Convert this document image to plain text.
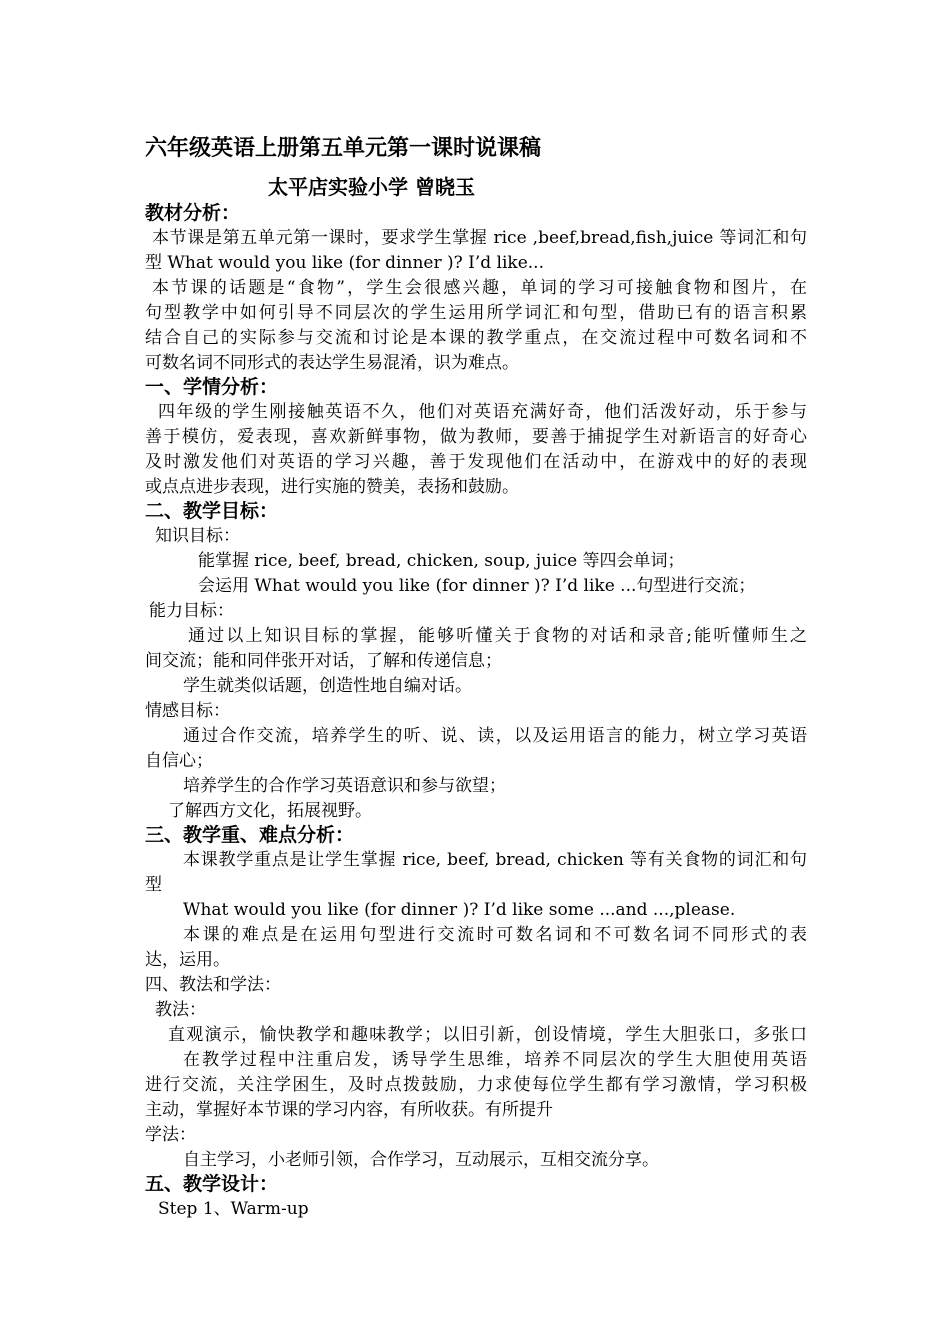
六年级英语上册第五单元第一课时说课稿
太平店实验小学 曾晓玉
教材分析：
本节课是第五单元第一课时，要求学生掌握 rice ,beef,bread,fish,juice 等词汇和句
型 What would you like (for dinner )? I’d like...
本节课的话题是“食物”，学生会很感兴趣，单词的学习可接触食物和图片，在
句型教学中如何引导不同层次的学生运用所学词汇和句型，借助已有的语言积累
结合自己的实际参与交流和讨论是本课的教学重点，在交流过程中可数名词和不
可数名词不同形式的表达学生易混淆，识为难点。
一、学情分析：
四年级的学生刚接触英语不久，他们对英语充满好奇，他们活泼好动，乐于参与
善于模仿，爱表现，喜欢新鲜事物，做为教师，要善于捕捉学生对新语言的好奇心
及时激发他们对英语的学习兴趣，善于发现他们在活动中，在游戏中的好的表现
或点点进步表现，进行实施的赞美，表扬和鼓励。
二、教学目标：
知识目标：
能掌握 rice, beef, bread, chicken, soup, juice 等四会单词；
会运用 What would you like (for dinner )? I’d like ...句型进行交流；
能力目标：
通过以上知识目标的掌握，能够听懂关于食物的对话和录音;能听懂师生之
间交流；能和同伴张开对话，了解和传递信息；
学生就类似话题，创造性地自编对话。
情感目标：
通过合作交流，培养学生的听、说、读，以及运用语言的能力，树立学习英语
自信心；
培养学生的合作学习英语意识和参与欲望；
了解西方文化，拓展视野。
三、教学重、难点分析：
本课教学重点是让学生掌握 rice, beef, bread, chicken 等有关食物的词汇和句
型
What would you like (for dinner )? I’d like some ...and ...,please.
本课的难点是在运用句型进行交流时可数名词和不可数名词不同形式的表
达，运用。
四、教法和学法：
教法：
直观演示，愉快教学和趣味教学；以旧引新，创设情境，学生大胆张口，多张口
在教学过程中注重启发，诱导学生思维，培养不同层次的学生大胆使用英语
进行交流，关注学困生，及时点拨鼓励，力求使每位学生都有学习激情，学习积极
主动，掌握好本节课的学习内容，有所收获。有所提升
学法：
自主学习，小老师引领，合作学习，互动展示，互相交流分享。
五、教学设计：
Step 1、Warm-up
